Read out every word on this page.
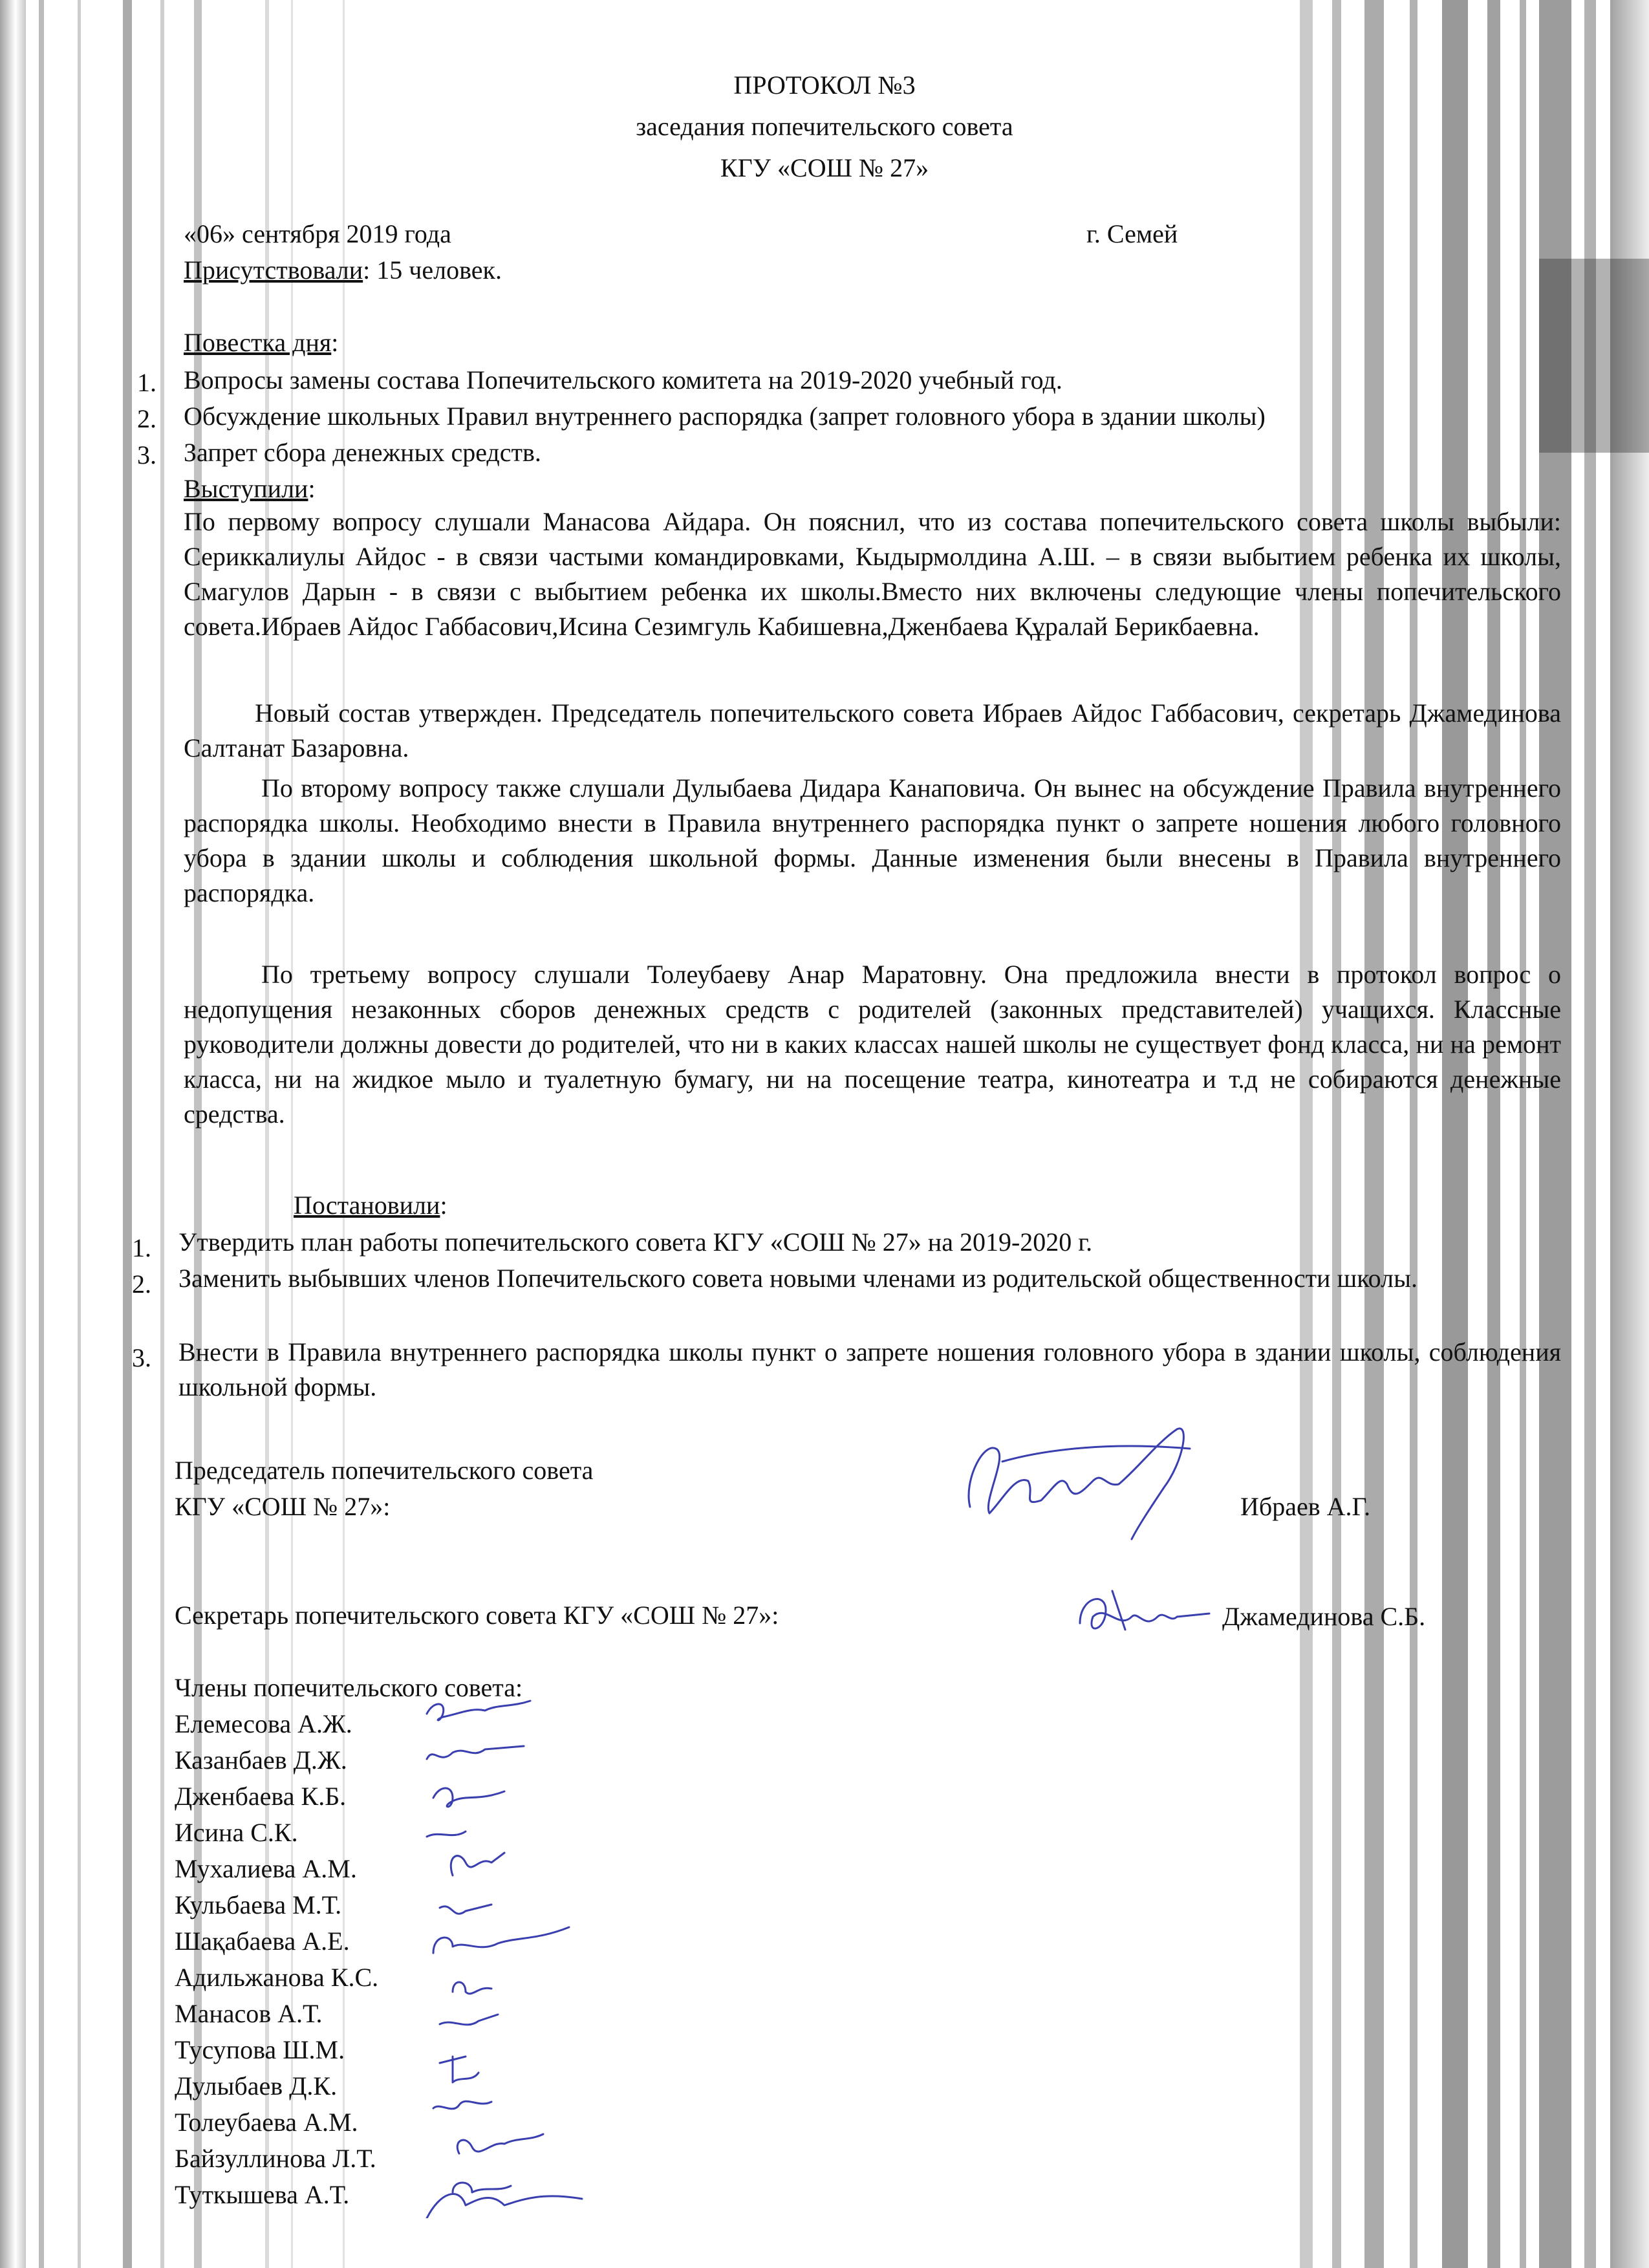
ПРОТОКОЛ №3
заседания попечительского совета
КГУ «СОШ № 27»
«06» сентября 2019 года	г. Семей
Присутствовали: 15 человек.
Повестка дня:
1. Вопросы замены состава Попечительского комитета на 2019-2020 учебный год.
2. Обсуждение школьных Правил внутреннего распорядка (запрет головного убора в здании школы)
3. Запрет сбора денежных средств.
Выступили:
По первому вопросу слушали Манасова Айдара. Он пояснил, что из состава попечительского совета школы выбыли: Сериккалиулы Айдос - в связи частыми командировками, Кыдырмолдина А.Ш. – в связи выбытием ребенка их школы, Смагулов Дарын - в связи с выбытием ребенка их школы.Вместо них включены следующие члены попечительского совета.Ибраев Айдос Габбасович,Исина Сезимгуль Кабишевна,Дженбаева Құралай Берикбаевна.
Новый состав утвержден. Председатель попечительского совета Ибраев Айдос Габбасович, секретарь Джамединова Салтанат Базаровна.
По второму вопросу также слушали Дулыбаева Дидара Канаповича. Он вынес на обсуждение Правила внутреннего распорядка школы. Необходимо внести в Правила внутреннего распорядка пункт о запрете ношения любого головного убора в здании школы и соблюдения школьной формы. Данные изменения были внесены в Правила внутреннего распорядка.
По третьему вопросу слушали Толеубаеву Анар Маратовну. Она предложила внести в протокол вопрос о недопущения незаконных сборов денежных средств с родителей (законных представителей) учащихся. Классные руководители должны довести до родителей, что ни в каких классах нашей школы не существует фонд класса, ни на ремонт класса, ни на жидкое мыло и туалетную бумагу, ни на посещение театра, кинотеатра и т.д не собираются денежные средства.
Постановили:
1. Утвердить план работы попечительского совета КГУ «СОШ № 27» на 2019-2020 г.
2. Заменить выбывших членов Попечительского совета новыми членами из родительской общественности школы.
3. Внести в Правила внутреннего распорядка школы пункт о запрете ношения головного убора в здании школы, соблюдения школьной формы.
Председатель попечительского совета
КГУ «СОШ № 27»:	Ибраев А.Г.
Секретарь попечительского совета КГУ «СОШ № 27»:	Джамединова С.Б.
Члены попечительского совета:
Елемесова А.Ж.
Казанбаев Д.Ж.
Дженбаева К.Б.
Исина С.К.
Мухалиева А.М.
Кульбаева М.Т.
Шақабаева А.Е.
Адильжанова К.С.
Манасов А.Т.
Тусупова Ш.М.
Дулыбаев Д.К.
Толеубаева А.М.
Байзуллинова Л.Т.
Туткышева А.Т.
